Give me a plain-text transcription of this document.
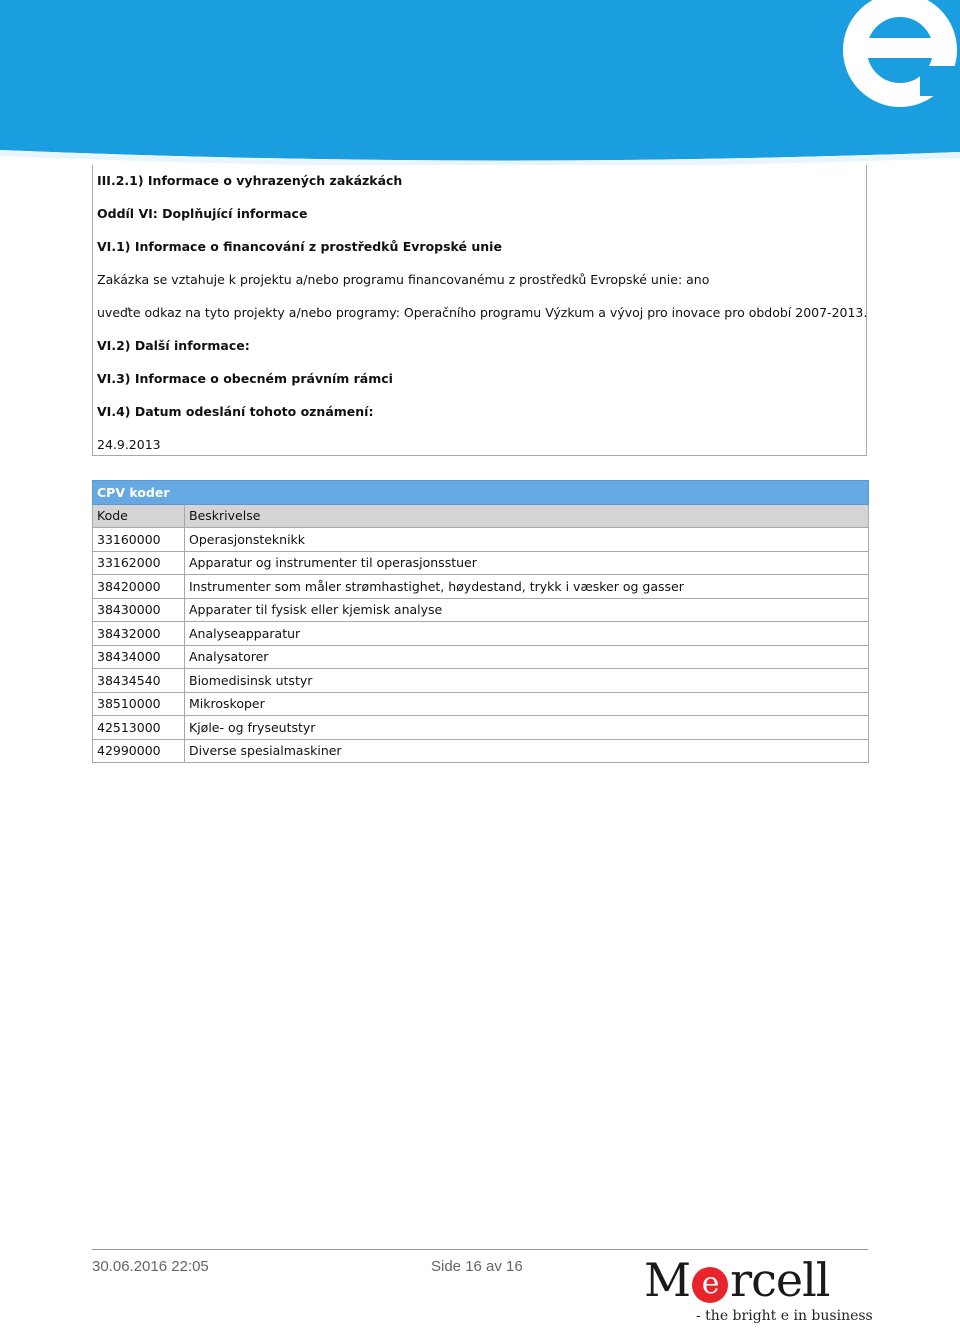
III.2.1) Informace o vyhrazených zakázkách
Oddíl VI: Doplňující informace
VI.1) Informace o financování z prostředků Evropské unie
Zakázka se vztahuje k projektu a/nebo programu financovanému z prostředků Evropské unie: ano
uveďte odkaz na tyto projekty a/nebo programy: Operačního programu Výzkum a vývoj pro inovace pro období 2007-2013.
VI.2) Další informace:
VI.3) Informace o obecném právním rámci
VI.4) Datum odeslání tohoto oznámení:
24.9.2013
CPV koder	
Kode	Beskrivelse
33160000	Operasjonsteknikk
33162000	Apparatur og instrumenter til operasjonsstuer
38420000	Instrumenter som måler strømhastighet, høydestand, trykk i væsker og gasser
38430000	Apparater til fysisk eller kjemisk analyse
38432000	Analyseapparatur
38434000	Analysatorer
38434540	Biomedisinsk utstyr
38510000	Mikroskoper
42513000	Kjøle- og fryseutstyr
42990000	Diverse spesialmaskiner
30.06.2016 22:05	Side 16 av 16	M e rcell
- the bright e in business
